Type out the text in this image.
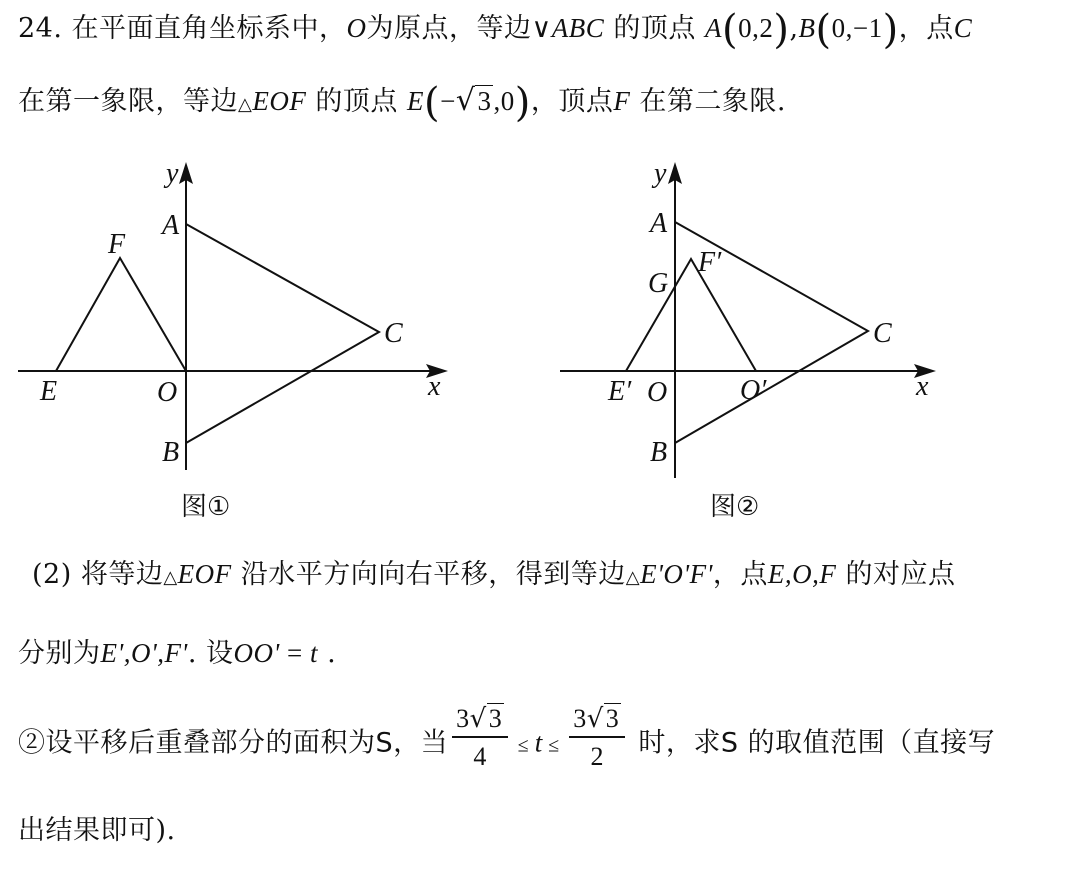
24. 在平面直角坐标系中，O为原点，等边∨ABC 的顶点 A(0,2),B(0,−1)，点C
在第一象限，等边△EOF 的顶点 E(−√3,0)，顶点F 在第二象限.
y
x
A
B
C
O
E
F
图①
y
x
A
B
C
O
E′	O′
F′
G
图②
(2) 将等边△EOF 沿水平方向向右平移，得到等边△E'O'F'，点E,O,F 的对应点
分别为E',O',F'. 设OO' = t .
②设平移后重叠部分的面积为S，当 $\frac{3√3}{4} \le t \le \frac{3√3}{2}$ 时，求S 的取值范围（直接写
出结果即可).
